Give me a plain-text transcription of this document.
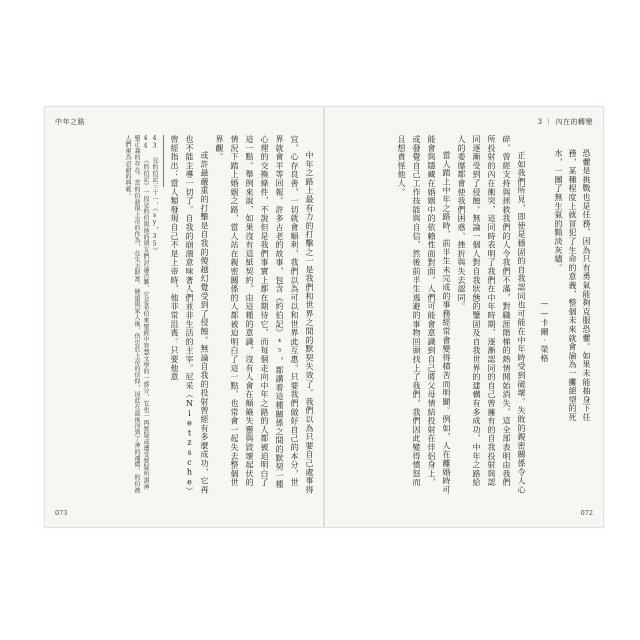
中年之路

中年之路上最有力的打擊之一是我們和世界之間的默契失效了。我們以為只要自己處事得宜，心存良善，一切就會順利，我們以為可以和世界此互惠。只要我們做好自己的本分，世界就會平等回報。許多古老的故事，包含《約伯記》⁴³，都講着這種關係之間的默契一種心理的交換條件，不說但是我們事實上都在期待它，而每個走向中年之路的人都被迫明白了這一點。舉例來說，如果沒有這紙契約，由這種的意識，沒有人會在顛簸失靈與毀壞起伏的情況下踏上婚姻之路，當人站在親密關係的人都被迫明白了這一點，也常會一起失去整個世界觀。

或許最嚴重的打擊是自我的傻越幻覺受到了侵蝕。無論自我的投射曾經有多麼成功，它再也不能主導一切了。自我的崩潰意味著人們並非生活的主宰。尼采（Nietzsche）曾經指出：當人類發現自己不是上帝時，他非常沮喪。只要他意

43 見約伯記三十一，《sy，35》

44 《約伯記》一段是約伯與他的朋友們討論苦難，它是希伯來聖經中智慧文學的一部分，它也一再質疑或遭受質疑所謂神聖正義的存在。當約伯發現上帝的作為，在失去財富、健康與家人後，仍忠於上帝的信仰，因此在最後得到了神的補償。約伯被人們視為忍耐的典範。

073
3 ｜ 內在的轉變

恐懼是挑戰也是任務，因為只有勇氣能夠克服恐懼。如果未能抽身下任

務，某種程度上就冒犯了生命的意義，整個未來就會淪為一攤絕望的死

水，一團了無生氣的黯淡灰燼。

——卡爾‧榮格

正如我們所見，即使是穩固的自我認同也可能在中年時受到破壞。失敗的親密關係令人心碎，曾經支持與拯救我們的人令我們不滿，對職涯階梯的熱情開始消失，這全部表明由我們所投射的內在衝突，這同時表明了我們在中年時期，逐漸認同的自己曾擁有的自我投射與認同逐漸受到了侵蝕。無論一個人對自我狀態的鑒固及自我世界的建構有多成功，中年之路給人的委靡都會使我們困惑、挫折與失去認同。

當人踏上中年之路時，前半生未完成的事務經常會變得積苦而明顯。例如，人在離婚時可能會與隱藏在婚姻中的依賴性面對面，人們可能會意識到自己將父母情結投射在伴侶身上，或發覺自己工作技能與自信，然後前半生逃避的事物回頭找上了我們，我們因此變得憤怒而且想責怪他人。

072
